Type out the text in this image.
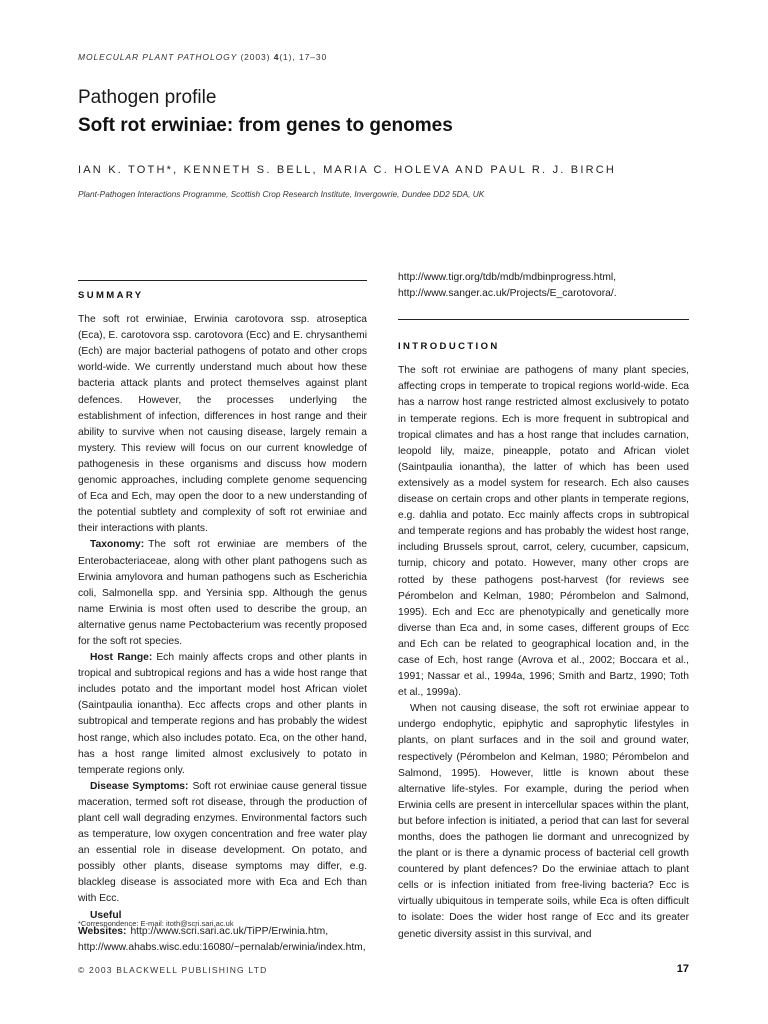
MOLECULAR PLANT PATHOLOGY (2003) 4(1), 17–30
Pathogen profile
Soft rot erwiniae: from genes to genomes
IAN K. TOTH*, KENNETH S. BELL, MARIA C. HOLEVA AND PAUL R. J. BIRCH
Plant-Pathogen Interactions Programme, Scottish Crop Research Institute, Invergowrie, Dundee DD2 5DA, UK
SUMMARY

The soft rot erwiniae, Erwinia carotovora ssp. atroseptica (Eca), E. carotovora ssp. carotovora (Ecc) and E. chrysanthemi (Ech) are major bacterial pathogens of potato and other crops world-wide. We currently understand much about how these bacteria attack plants and protect themselves against plant defences. However, the processes underlying the establishment of infection, differences in host range and their ability to survive when not causing disease, largely remain a mystery. This review will focus on our current knowledge of pathogenesis in these organisms and discuss how modern genomic approaches, including complete genome sequencing of Eca and Ech, may open the door to a new understanding of the potential subtlety and complexity of soft rot erwiniae and their interactions with plants.

Taxonomy: The soft rot erwiniae are members of the Enterobacteriaceae, along with other plant pathogens such as Erwinia amylovora and human pathogens such as Escherichia coli, Salmonella spp. and Yersinia spp. Although the genus name Erwinia is most often used to describe the group, an alternative genus name Pectobacterium was recently proposed for the soft rot species.

Host Range: Ech mainly affects crops and other plants in tropical and subtropical regions and has a wide host range that includes potato and the important model host African violet (Saintpaulia ionantha). Ecc affects crops and other plants in subtropical and temperate regions and has probably the widest host range, which also includes potato. Eca, on the other hand, has a host range limited almost exclusively to potato in temperate regions only.

Disease Symptoms: Soft rot erwiniae cause general tissue maceration, termed soft rot disease, through the production of plant cell wall degrading enzymes. Environmental factors such as temperature, low oxygen concentration and free water play an essential role in disease development. On potato, and possibly other plants, disease symptoms may differ, e.g. blackleg disease is associated more with Eca and Ech than with Ecc.

Useful Websites: http://www.scri.sari.ac.uk/TiPP/Erwinia.htm, http://www.ahabs.wisc.edu:16080/~pernalab/erwinia/index.htm,

http://www.tigr.org/tdb/mdb/mdbinprogress.html,
http://www.sanger.ac.uk/Projects/E_carotovora/.
INTRODUCTION

The soft rot erwiniae are pathogens of many plant species, affecting crops in temperate to tropical regions world-wide. Eca has a narrow host range restricted almost exclusively to potato in temperate regions. Ech is more frequent in subtropical and tropical climates and has a host range that includes carnation, leopold lily, maize, pineapple, potato and African violet (Saintpaulia ionantha), the latter of which has been used extensively as a model system for research. Ech also causes disease on certain crops and other plants in temperate regions, e.g. dahlia and potato. Ecc mainly affects crops in subtropical and temperate regions and has probably the widest host range, including Brussels sprout, carrot, celery, cucumber, capsicum, turnip, chicory and potato. However, many other crops are rotted by these pathogens post-harvest (for reviews see Pérombelon and Kelman, 1980; Pérombelon and Salmond, 1995). Ech and Ecc are phenotypically and genetically more diverse than Eca and, in some cases, different groups of Ecc and Ech can be related to geographical location and, in the case of Ech, host range (Avrova et al., 2002; Boccara et al., 1991; Nassar et al., 1994a, 1996; Smith and Bartz, 1990; Toth et al., 1999a).

When not causing disease, the soft rot erwiniae appear to undergo endophytic, epiphytic and saprophytic lifestyles in plants, on plant surfaces and in the soil and ground water, respectively (Pérombelon and Kelman, 1980; Pérombelon and Salmond, 1995). However, little is known about these alternative life-styles. For example, during the period when Erwinia cells are present in intercellular spaces within the plant, but before infection is initiated, a period that can last for several months, does the pathogen lie dormant and unrecognized by the plant or is there a dynamic process of bacterial cell growth countered by plant defences? Do the erwiniae attach to plant cells or is infection initiated from free-living bacteria? Ecc is virtually ubiquitous in temperate soils, while Eca is often difficult to isolate: Does the wider host range of Ecc and its greater genetic diversity assist in this survival, and

*Correspondence: E-mail: itoth@scri.sari.ac.uk
© 2003 BLACKWELL PUBLISHING LTD	17
